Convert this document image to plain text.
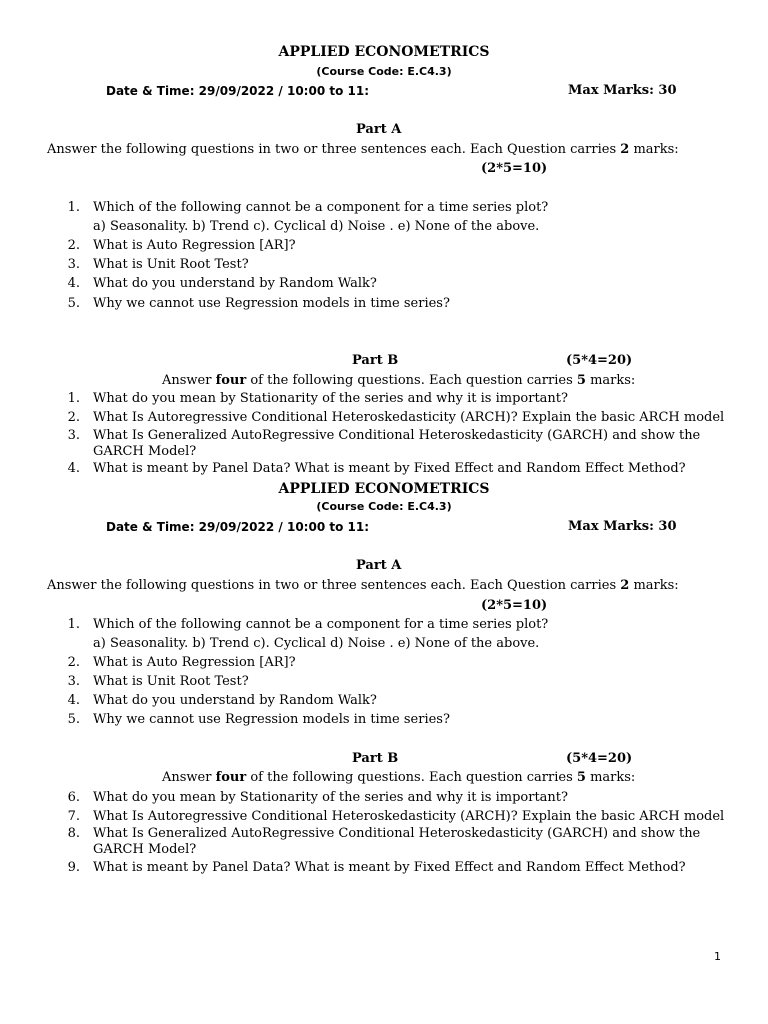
APPLIED ECONOMETRICS
(Course Code: E.C4.3)
Date & Time: 29/09/2022 / 10:00 to 11:	Max Marks: 30
Part A
Answer the following questions in two or three sentences each. Each Question carries 2 marks:
(2*5=10)
1. Which of the following cannot be a component for a time series plot?
a) Seasonality. b) Trend c). Cyclical d) Noise . e) None of the above.
2. What is Auto Regression [AR]?
3. What is Unit Root Test?
4. What do you understand by Random Walk?
5. Why we cannot use Regression models in time series?
Part B	(5*4=20)
Answer four of the following questions. Each question carries 5 marks:
1. What do you mean by Stationarity of the series and why it is important?
2. What Is Autoregressive Conditional Heteroskedasticity (ARCH)? Explain the basic ARCH model
3. What Is Generalized AutoRegressive Conditional Heteroskedasticity (GARCH) and show the
GARCH Model?
4. What is meant by Panel Data? What is meant by Fixed Effect and Random Effect Method?
APPLIED ECONOMETRICS
(Course Code: E.C4.3)
Date & Time: 29/09/2022 / 10:00 to 11:	Max Marks: 30
Part A
Answer the following questions in two or three sentences each. Each Question carries 2 marks:
(2*5=10)
1. Which of the following cannot be a component for a time series plot?
a) Seasonality. b) Trend c). Cyclical d) Noise . e) None of the above.
2. What is Auto Regression [AR]?
3. What is Unit Root Test?
4. What do you understand by Random Walk?
5. Why we cannot use Regression models in time series?
Part B	(5*4=20)
Answer four of the following questions. Each question carries 5 marks:
6. What do you mean by Stationarity of the series and why it is important?
7. What Is Autoregressive Conditional Heteroskedasticity (ARCH)? Explain the basic ARCH model
8. What Is Generalized AutoRegressive Conditional Heteroskedasticity (GARCH) and show the
GARCH Model?
9. What is meant by Panel Data? What is meant by Fixed Effect and Random Effect Method?
1
